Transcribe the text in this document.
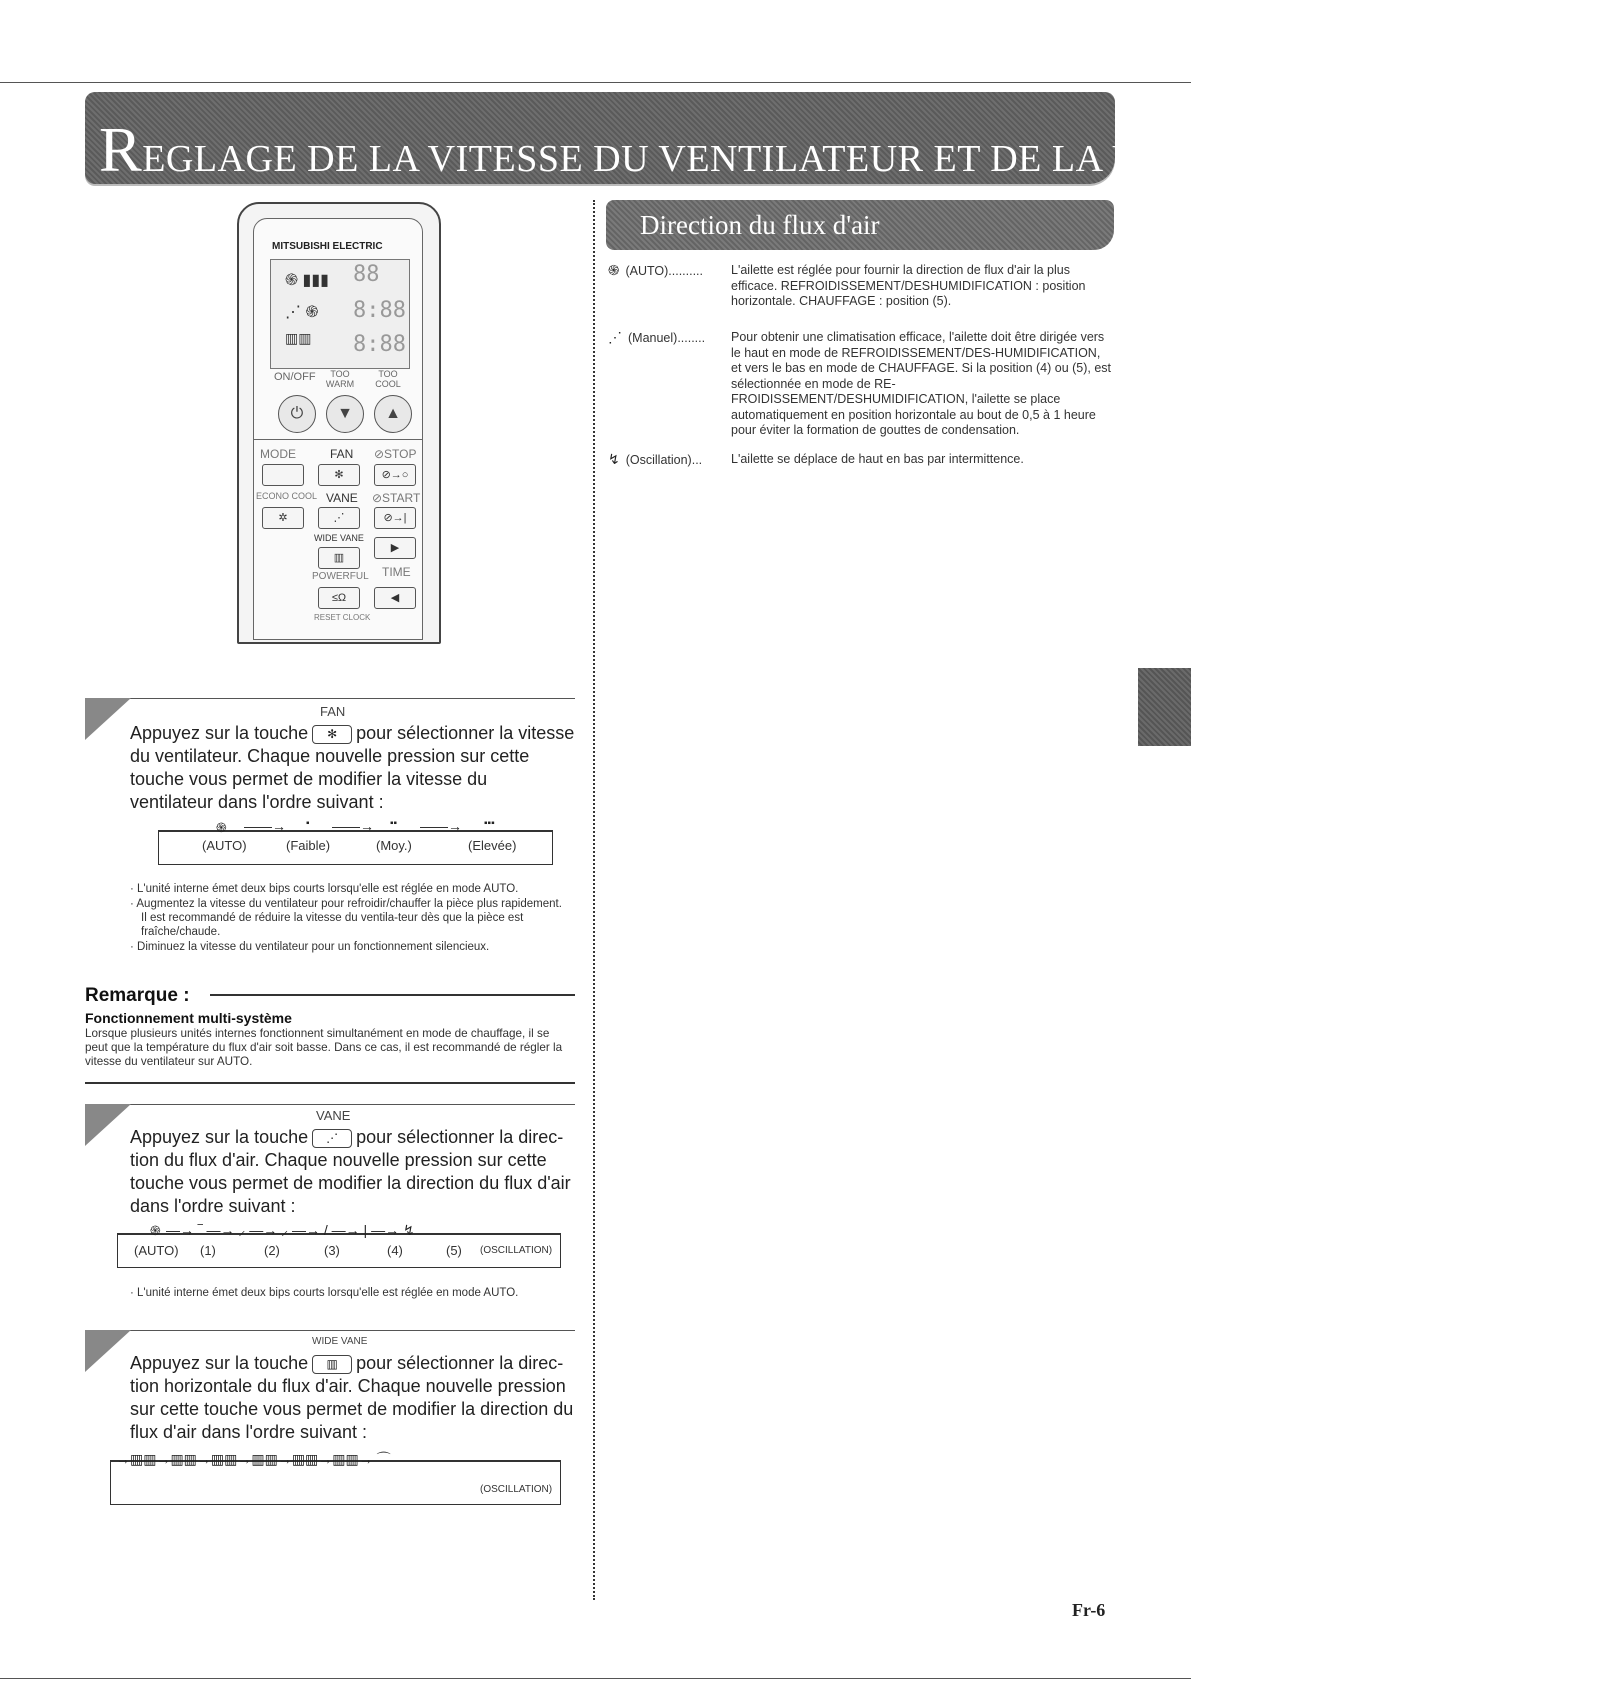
REGLAGE DE LA VITESSE DU VENTILATEUR ET DE LA DIRECTION DU FLUX D'AIR
MITSUBISHI ELECTRIC
88
8:88
8:88
֍ ▮▮▮
⋰ ֍
▥▥
ON/OFF	TOO WARM
TOO COOL
⏻	▼	▲
MODE	FAN ⊘STOP
✻	⊘→○
ECONO COOL VANE ⊘START
✲	⋰	⊘→|
WIDE VANE
▥
▶
POWERFUL TIME
≤Ω	◀
RESET CLOCK
Direction du flux d'air
֍ (AUTO).......... L'ailette est réglée pour fournir la direction de flux d'air la plus efficace. REFROIDISSEMENT/DESHUMIDIFICATION : position horizontale. CHAUFFAGE : position (5).
⋰ (Manuel)........ Pour obtenir une climatisation efficace, l'ailette doit être dirigée vers le haut en mode de REFROIDISSEMENT/DES-HUMIDIFICATION, et vers le bas en mode de CHAUFFAGE. Si la position (4) ou (5), est sélectionnée en mode de RE-FROIDISSEMENT/DESHUMIDIFICATION, l'ailette se place automatiquement en position horizontale au bout de 0,5 à 1 heure pour éviter la formation de gouttes de condensation.
↯ (Oscillation)... L'ailette se déplace de haut en bas par intermittence.
FAN
Appuyez sur la touche ✻ pour sélectionner la vitesse du ventilateur. Chaque nouvelle pression sur cette touche vous permet de modifier la vitesse du ventilateur dans l'ordre suivant :
֍ ——→ ▪ ——→ ▪▪ ——→ ▪▪▪
(AUTO)	(Faible)	(Moy.)	(Elevée)
· L'unité interne émet deux bips courts lorsqu'elle est réglée en mode AUTO.
· Augmentez la vitesse du ventilateur pour refroidir/chauffer la pièce plus rapidement. Il est recommandé de réduire la vitesse du ventila-teur dès que la pièce est fraîche/chaude.
· Diminuez la vitesse du ventilateur pour un fonctionnement silencieux.
Remarque :
Fonctionnement multi-système
Lorsque plusieurs unités internes fonctionnent simultanément en mode de chauffage, il se peut que la température du flux d'air soit basse. Dans ce cas, il est recommandé de régler la vitesse du ventilateur sur AUTO.
VANE
Appuyez sur la touche ⋰ pour sélectionner la direc-tion du flux d'air. Chaque nouvelle pression sur cette touche vous permet de modifier la direction du flux d'air dans l'ordre suivant :
֍ —→ ‾ —→ ⸝ —→ ⸝ —→ / —→ | —→ ↯
(AUTO) (1)	(2)	(3)	(4)	(5) (OSCILLATION)
· L'unité interne émet deux bips courts lorsqu'elle est réglée en mode AUTO.
WIDE VANE
Appuyez sur la touche ▥ pour sélectionner la direc-tion horizontale du flux d'air. Chaque nouvelle pression sur cette touche vous permet de modifier la direction du flux d'air dans l'ordre suivant :
→▥▥→▥▥→▥▥→▥▥→▥▥→▥▥→ ⌒
(OSCILLATION)
Fr-6
